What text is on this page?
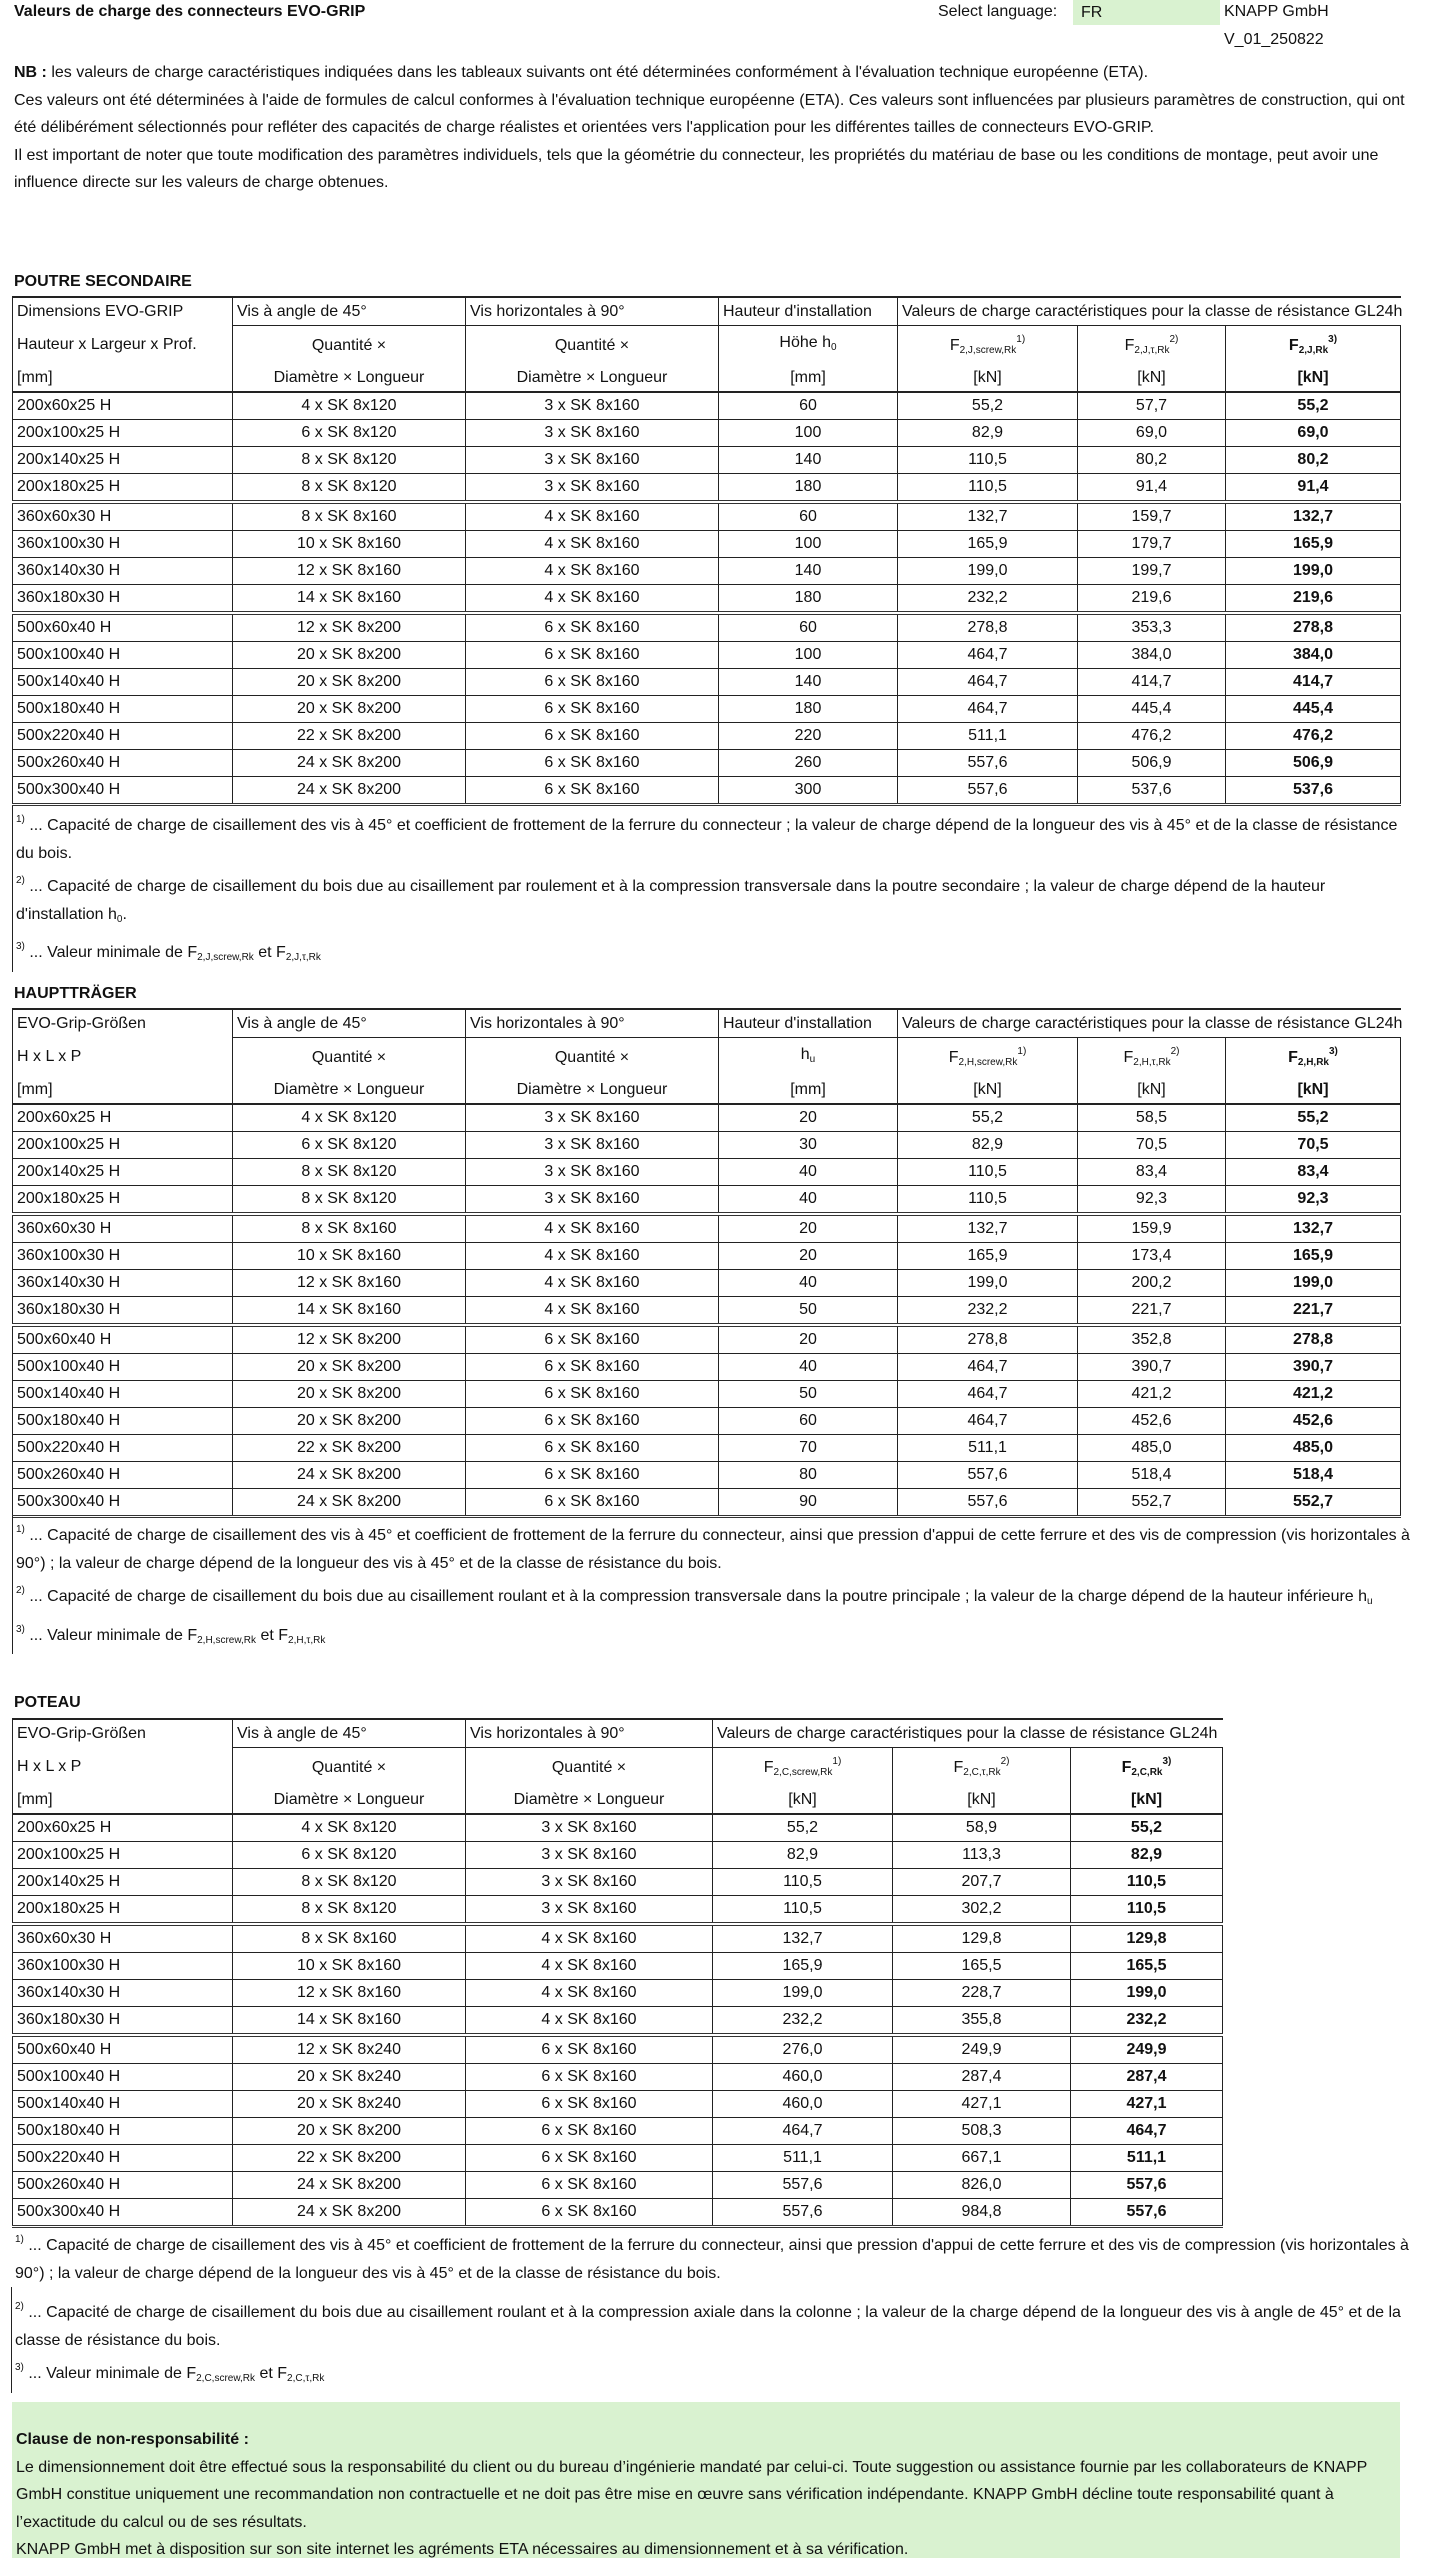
Valeurs de charge des connecteurs EVO-GRIP	Select language:	FR	KNAPP GmbH
V_01_250822

NB : les valeurs de charge caractéristiques indiquées dans les tableaux suivants ont été déterminées conformément à l'évaluation technique européenne (ETA).

Ces valeurs ont été déterminées à l'aide de formules de calcul conformes à l'évaluation technique européenne (ETA). Ces valeurs sont influencées par plusieurs paramètres de construction, qui ont été délibérément sélectionnés pour refléter des capacités de charge réalistes et orientées vers l'application pour les différentes tailles de connecteurs EVO-GRIP.

Il est important de noter que toute modification des paramètres individuels, tels que la géométrie du connecteur, les propriétés du matériau de base ou les conditions de montage, peut avoir une influence directe sur les valeurs de charge obtenues.

POUTRE SECONDAIRE
Dimensions EVO-GRIP	Vis à angle de 45°	Vis horizontales à 90°	Hauteur d'installation	Valeurs de charge caractéristiques pour la classe de résistance GL24h		
Hauteur x Largeur x Prof.	Quantité ×	Quantité ×	Höhe $h_0$	$F_{2,J,screw,Rk}^{1)}$	$F_{2,J,\tau,Rk}^{2)}$	$F_{2,J,Rk}^{3)}$
[mm]	Diamètre × Longueur	Diamètre × Longueur	[mm]	[kN]	[kN]	[kN]
200x60x25 H	4 x SK 8x120	3 x SK 8x160	60	55,2	57,7	55,2
200x100x25 H	6 x SK 8x120	3 x SK 8x160	100	82,9	69,0	69,0
200x140x25 H	8 x SK 8x120	3 x SK 8x160	140	110,5	80,2	80,2
200x180x25 H	8 x SK 8x120	3 x SK 8x160	180	110,5	91,4	91,4
360x60x30 H	8 x SK 8x160	4 x SK 8x160	60	132,7	159,7	132,7
360x100x30 H	10 x SK 8x160	4 x SK 8x160	100	165,9	179,7	165,9
360x140x30 H	12 x SK 8x160	4 x SK 8x160	140	199,0	199,7	199,0
360x180x30 H	14 x SK 8x160	4 x SK 8x160	180	232,2	219,6	219,6
500x60x40 H	12 x SK 8x200	6 x SK 8x160	60	278,8	353,3	278,8
500x100x40 H	20 x SK 8x200	6 x SK 8x160	100	464,7	384,0	384,0
500x140x40 H	20 x SK 8x200	6 x SK 8x160	140	464,7	414,7	414,7
500x180x40 H	20 x SK 8x200	6 x SK 8x160	180	464,7	445,4	445,4
500x220x40 H	22 x SK 8x200	6 x SK 8x160	220	511,1	476,2	476,2
500x260x40 H	24 x SK 8x200	6 x SK 8x160	260	557,6	506,9	506,9
500x300x40 H	24 x SK 8x200	6 x SK 8x160	300	557,6	537,6	537,6

$^{1)}$ ... Capacité de charge de cisaillement des vis à 45° et coefficient de frottement de la ferrure du connecteur ; la valeur de charge dépend de la longueur des vis à 45° et de la classe de résistance du bois.

$^{2)}$ ... Capacité de charge de cisaillement du bois due au cisaillement par roulement et à la compression transversale dans la poutre secondaire ; la valeur de charge dépend de la hauteur d'installation $h_0$.

$^{3)}$ ... Valeur minimale de $F_{2,J,screw,Rk}$ et $F_{2,J,\tau,Rk}$

HAUPTTRÄGER
EVO-Grip-Größen	Vis à angle de 45°	Vis horizontales à 90°	Hauteur d'installation	Valeurs de charge caractéristiques pour la classe de résistance GL24h		
H x L x P	Quantité ×	Quantité ×	$h_u$	$F_{2,H,screw,Rk}^{1)}$	$F_{2,H,\tau,Rk}^{2)}$	$F_{2,H,Rk}^{3)}$
[mm]	Diamètre × Longueur	Diamètre × Longueur	[mm]	[kN]	[kN]	[kN]
200x60x25 H	4 x SK 8x120	3 x SK 8x160	20	55,2	58,5	55,2
200x100x25 H	6 x SK 8x120	3 x SK 8x160	30	82,9	70,5	70,5
200x140x25 H	8 x SK 8x120	3 x SK 8x160	40	110,5	83,4	83,4
200x180x25 H	8 x SK 8x120	3 x SK 8x160	40	110,5	92,3	92,3
360x60x30 H	8 x SK 8x160	4 x SK 8x160	20	132,7	159,9	132,7
360x100x30 H	10 x SK 8x160	4 x SK 8x160	20	165,9	173,4	165,9
360x140x30 H	12 x SK 8x160	4 x SK 8x160	40	199,0	200,2	199,0
360x180x30 H	14 x SK 8x160	4 x SK 8x160	50	232,2	221,7	221,7
500x60x40 H	12 x SK 8x200	6 x SK 8x160	20	278,8	352,8	278,8
500x100x40 H	20 x SK 8x200	6 x SK 8x160	40	464,7	390,7	390,7
500x140x40 H	20 x SK 8x200	6 x SK 8x160	50	464,7	421,2	421,2
500x180x40 H	20 x SK 8x200	6 x SK 8x160	60	464,7	452,6	452,6
500x220x40 H	22 x SK 8x200	6 x SK 8x160	70	511,1	485,0	485,0
500x260x40 H	24 x SK 8x200	6 x SK 8x160	80	557,6	518,4	518,4
500x300x40 H	24 x SK 8x200	6 x SK 8x160	90	557,6	552,7	552,7

$^{1)}$ ... Capacité de charge de cisaillement des vis à 45° et coefficient de frottement de la ferrure du connecteur, ainsi que pression d'appui de cette ferrure et des vis de compression (vis horizontales à 90°) ; la valeur de charge dépend de la longueur des vis à 45° et de la classe de résistance du bois.

$^{2)}$ ... Capacité de charge de cisaillement du bois due au cisaillement roulant et à la compression transversale dans la poutre principale ; la valeur de la charge dépend de la hauteur inférieure $h_u$

$^{3)}$ ... Valeur minimale de $F_{2,H,screw,Rk}$ et $F_{2,H,\tau,Rk}$

POTEAU
EVO-Grip-Größen	Vis à angle de 45°	Vis horizontales à 90°	Valeurs de charge caractéristiques pour la classe de résistance GL24h		
H x L x P	Quantité ×	Quantité ×	$F_{2,C,screw,Rk}^{1)}$	$F_{2,C,\tau,Rk}^{2)}$	$F_{2,C,Rk}^{3)}$
[mm]	Diamètre × Longueur	Diamètre × Longueur	[kN]	[kN]	[kN]
200x60x25 H	4 x SK 8x120	3 x SK 8x160	55,2	58,9	55,2
200x100x25 H	6 x SK 8x120	3 x SK 8x160	82,9	113,3	82,9
200x140x25 H	8 x SK 8x120	3 x SK 8x160	110,5	207,7	110,5
200x180x25 H	8 x SK 8x120	3 x SK 8x160	110,5	302,2	110,5
360x60x30 H	8 x SK 8x160	4 x SK 8x160	132,7	129,8	129,8
360x100x30 H	10 x SK 8x160	4 x SK 8x160	165,9	165,5	165,5
360x140x30 H	12 x SK 8x160	4 x SK 8x160	199,0	228,7	199,0
360x180x30 H	14 x SK 8x160	4 x SK 8x160	232,2	355,8	232,2
500x60x40 H	12 x SK 8x240	6 x SK 8x160	276,0	249,9	249,9
500x100x40 H	20 x SK 8x240	6 x SK 8x160	460,0	287,4	287,4
500x140x40 H	20 x SK 8x240	6 x SK 8x160	460,0	427,1	427,1
500x180x40 H	20 x SK 8x200	6 x SK 8x160	464,7	508,3	464,7
500x220x40 H	22 x SK 8x200	6 x SK 8x160	511,1	667,1	511,1
500x260x40 H	24 x SK 8x200	6 x SK 8x160	557,6	826,0	557,6
500x300x40 H	24 x SK 8x200	6 x SK 8x160	557,6	984,8	557,6

$^{1)}$ ... Capacité de charge de cisaillement des vis à 45° et coefficient de frottement de la ferrure du connecteur, ainsi que pression d'appui de cette ferrure et des vis de compression (vis horizontales à 90°) ; la valeur de charge dépend de la longueur des vis à 45° et de la classe de résistance du bois.

$^{2)}$ ... Capacité de charge de cisaillement du bois due au cisaillement roulant et à la compression axiale dans la colonne ; la valeur de la charge dépend de la longueur des vis à angle de 45° et de la classe de résistance du bois.

$^{3)}$ ... Valeur minimale de $F_{2,C,screw,Rk}$ et $F_{2,C,\tau,Rk}$

Clause de non-responsabilité :

Le dimensionnement doit être effectué sous la responsabilité du client ou du bureau d’ingénierie mandaté par celui-ci. Toute suggestion ou assistance fournie par les collaborateurs de KNAPP GmbH constitue uniquement une recommandation non contractuelle et ne doit pas être mise en œuvre sans vérification indépendante. KNAPP GmbH décline toute responsabilité quant à l’exactitude du calcul ou de ses résultats.

KNAPP GmbH met à disposition sur son site internet les agréments ETA nécessaires au dimensionnement et à sa vérification.
